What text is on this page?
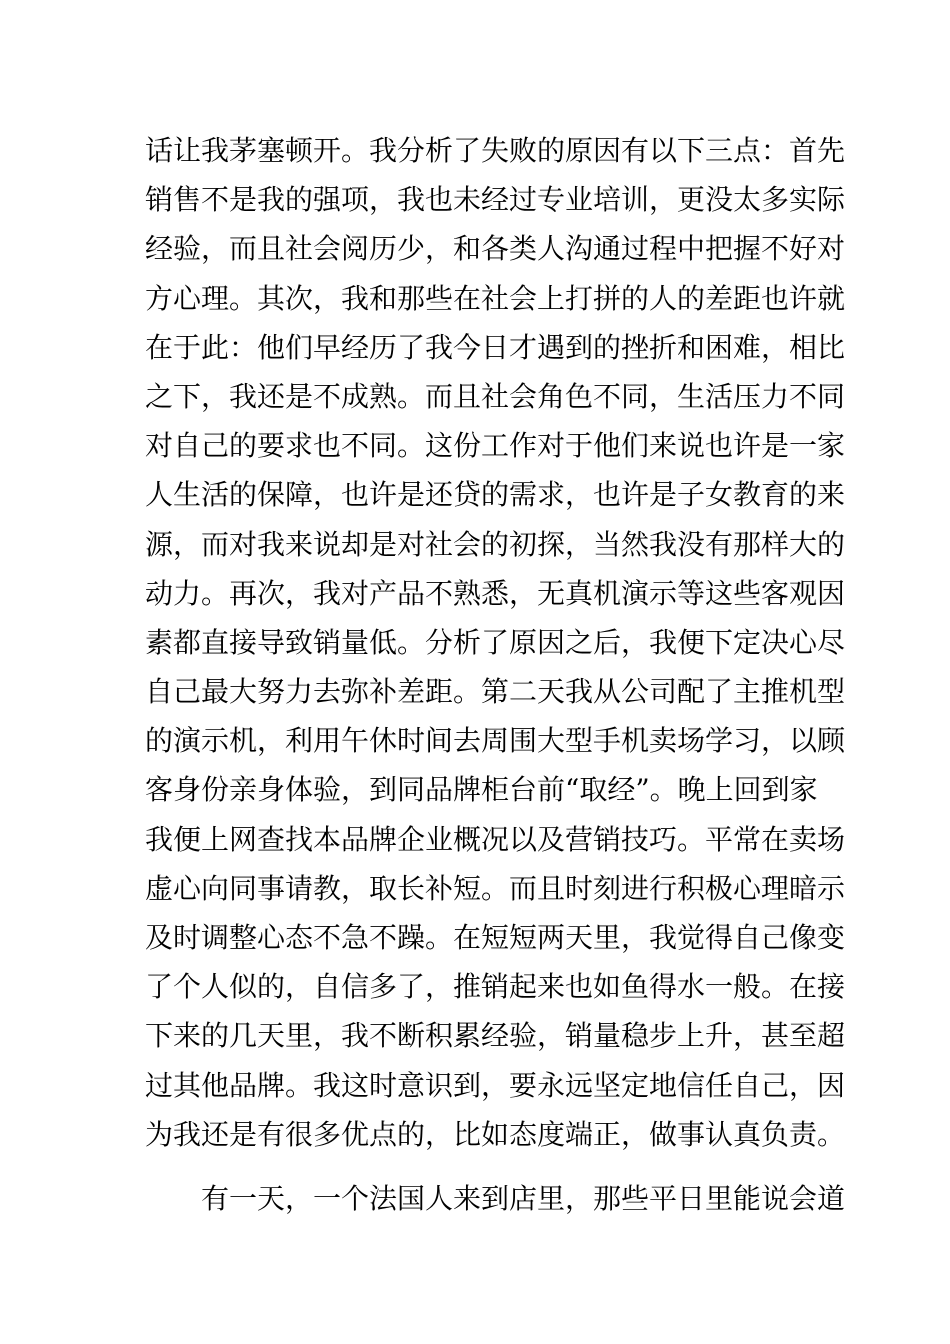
话让我茅塞顿开。我分析了失败的原因有以下三点：首先
销售不是我的强项，我也未经过专业培训，更没太多实际
经验，而且社会阅历少，和各类人沟通过程中把握不好对
方心理。其次，我和那些在社会上打拼的人的差距也许就
在于此：他们早经历了我今日才遇到的挫折和困难，相比
之下，我还是不成熟。而且社会角色不同，生活压力不同
对自己的要求也不同。这份工作对于他们来说也许是一家
人生活的保障，也许是还贷的需求，也许是子女教育的来
源，而对我来说却是对社会的初探，当然我没有那样大的
动力。再次，我对产品不熟悉，无真机演示等这些客观因
素都直接导致销量低。分析了原因之后，我便下定决心尽
自己最大努力去弥补差距。第二天我从公司配了主推机型
的演示机，利用午休时间去周围大型手机卖场学习，以顾
客身份亲身体验，到同品牌柜台前“取经”。晚上回到家
我便上网查找本品牌企业概况以及营销技巧。平常在卖场
虚心向同事请教，取长补短。而且时刻进行积极心理暗示
及时调整心态不急不躁。在短短两天里，我觉得自己像变
了个人似的，自信多了，推销起来也如鱼得水一般。在接
下来的几天里，我不断积累经验，销量稳步上升，甚至超
过其他品牌。我这时意识到，要永远坚定地信任自己，因
为我还是有很多优点的，比如态度端正，做事认真负责。
有一天，一个法国人来到店里，那些平日里能说会道
